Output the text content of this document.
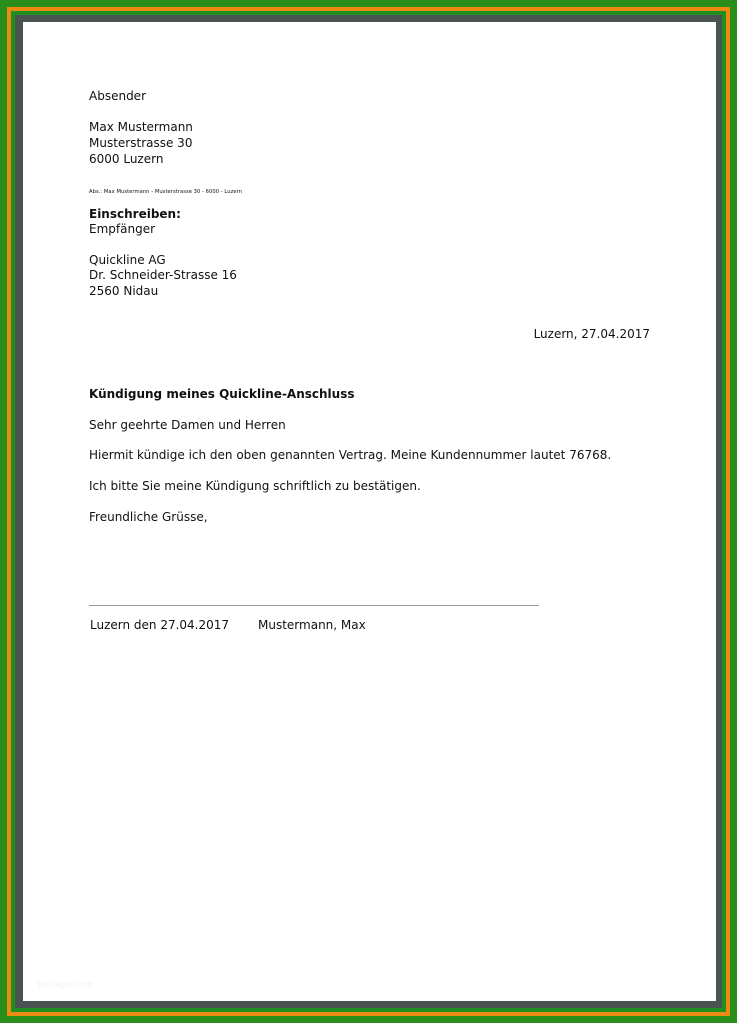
Absender
Max Mustermann
Musterstrasse 30
6000 Luzern
Abs.: Max Mustermann - Musterstrasse 30 - 6000 - Luzern
Einschreiben:
Empfänger
Quickline AG
Dr. Schneider-Strasse 16
2560 Nidau
Luzern, 27.04.2017
Kündigung meines Quickline-Anschluss
Sehr geehrte Damen und Herren
Hiermit kündige ich den oben genannten Vertrag. Meine Kundennummer lautet 76768.
Ich bitte Sie meine Kündigung schriftlich zu bestätigen.
Freundliche Grüsse,
Luzern den 27.04.2017 Mustermann, Max
Vorlage.com
